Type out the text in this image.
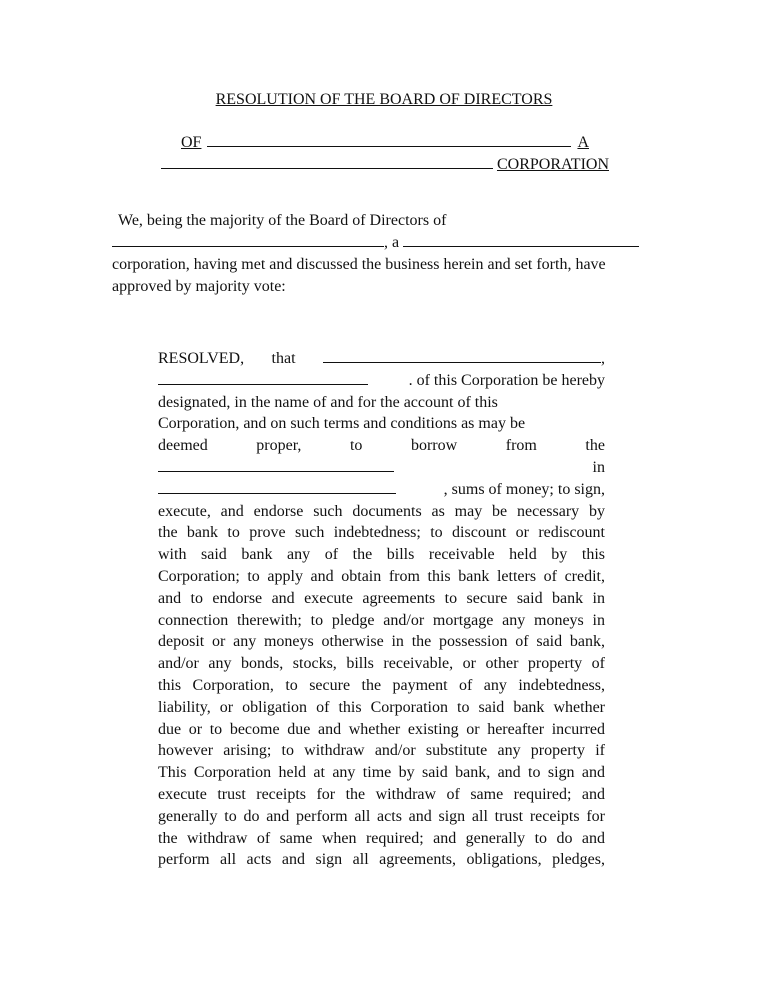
RESOLUTION OF THE BOARD OF DIRECTORS
OF	A
CORPORATION
We, being the majority of the Board of Directors of
, a
corporation, having met and discussed the business herein and set forth, have
approved by majority vote:
RESOLVED, that	,
. of this Corporation be hereby
designated, in the name of and for the account of this
Corporation, and on such terms and conditions as may be
deemed	proper,	to	borrow	from	the
in
, sums of money; to sign,
execute, and endorse such documents as may be necessary by
the bank to prove such indebtedness; to discount or rediscount
with said bank any of the bills receivable held by this
Corporation; to apply and obtain from this bank letters of credit,
and to endorse and execute agreements to secure said bank in
connection therewith; to pledge and/or mortgage any moneys in
deposit or any moneys otherwise in the possession of said bank,
and/or any bonds, stocks, bills receivable, or other property of
this Corporation, to secure the payment of any indebtedness,
liability, or obligation of this Corporation to said bank whether
due or to become due and whether existing or hereafter incurred
however arising; to withdraw and/or substitute any property if
This Corporation held at any time by said bank, and to sign and
execute trust receipts for the withdraw of same required; and
generally to do and perform all acts and sign all trust receipts for
the withdraw of same when required; and generally to do and
perform all acts and sign all agreements, obligations, pledges,
